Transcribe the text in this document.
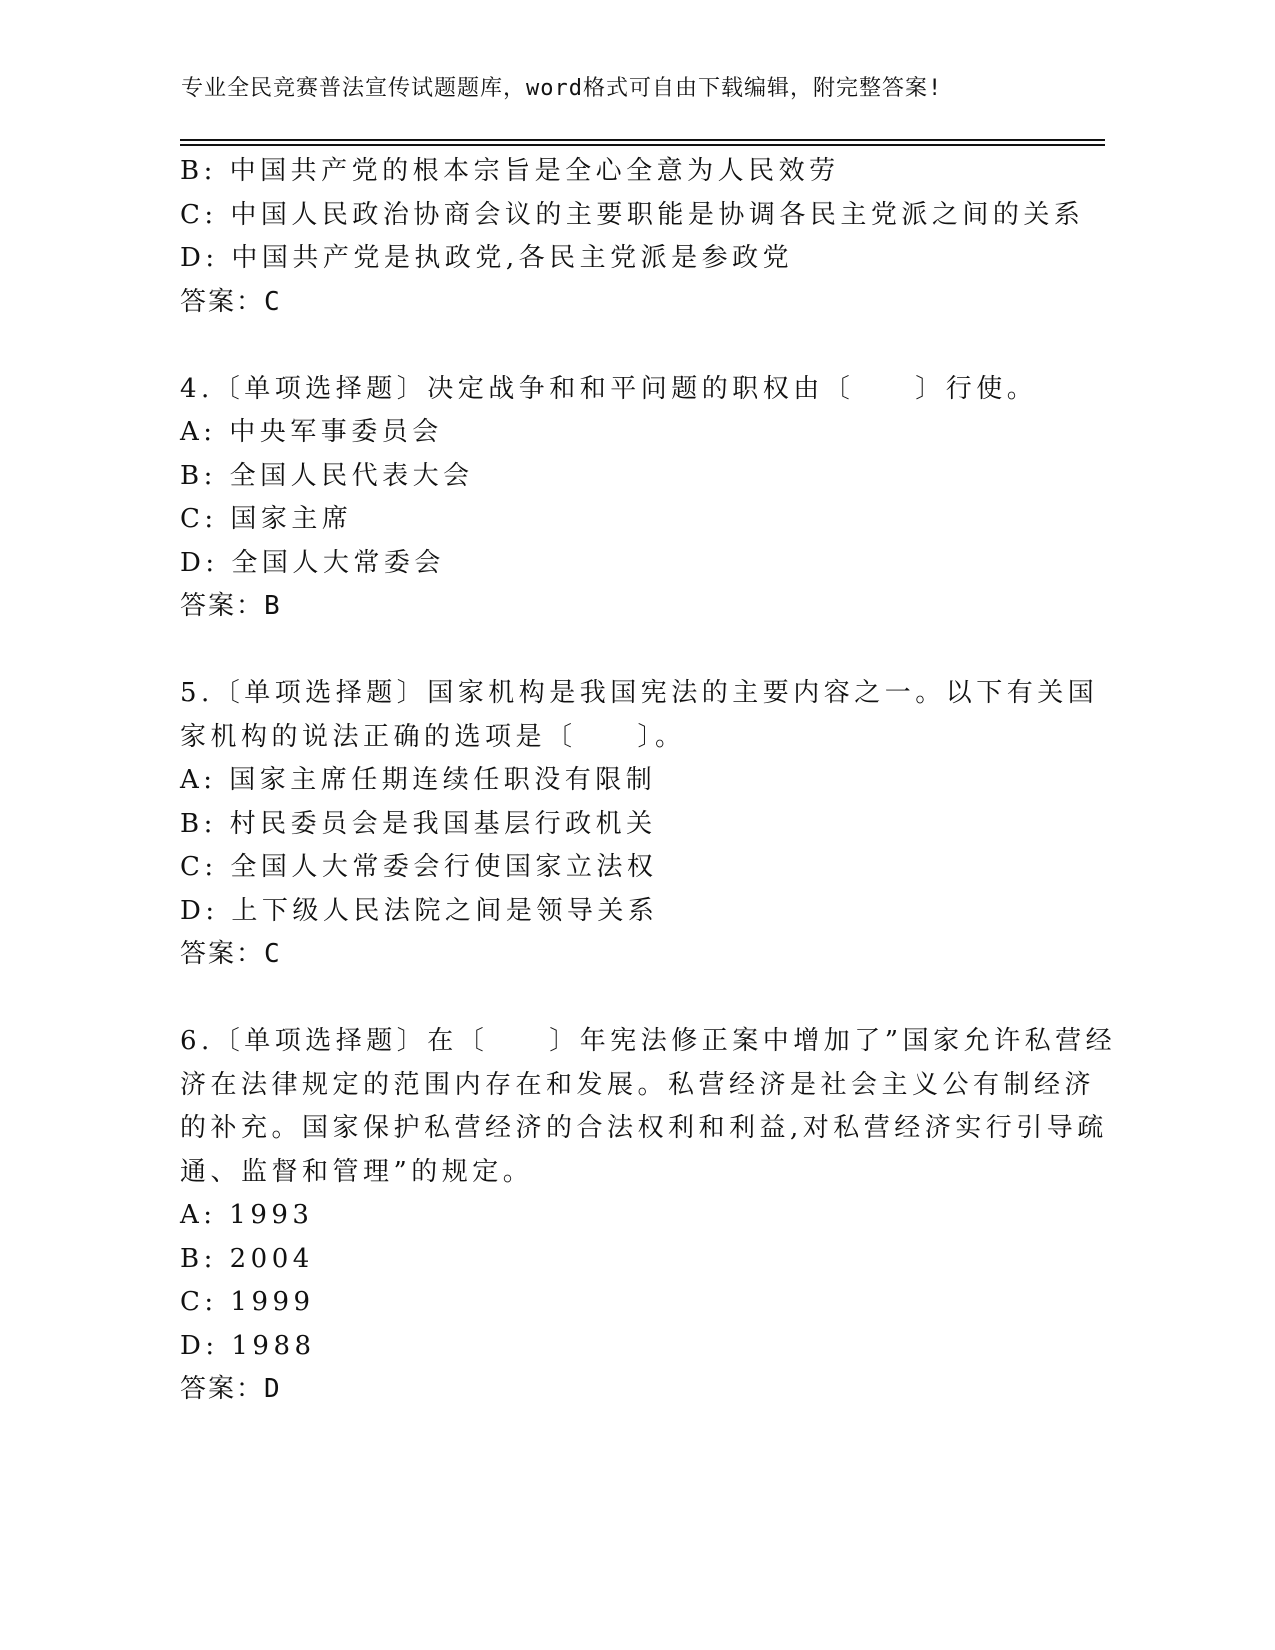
专业全民竞赛普法宣传试题题库，word格式可自由下载编辑，附完整答案!
B: 中国共产党的根本宗旨是全心全意为人民效劳
C: 中国人民政治协商会议的主要职能是协调各民主党派之间的关系
D: 中国共产党是执政党,各民主党派是参政党
答案：C
4.〔单项选择题〕决定战争和和平问题的职权由〔　　〕行使。
A: 中央军事委员会
B: 全国人民代表大会
C: 国家主席
D: 全国人大常委会
答案：B
5.〔单项选择题〕国家机构是我国宪法的主要内容之一。以下有关国
家机构的说法正确的选项是〔　　〕。
A: 国家主席任期连续任职没有限制
B: 村民委员会是我国基层行政机关
C: 全国人大常委会行使国家立法权
D: 上下级人民法院之间是领导关系
答案：C
6.〔单项选择题〕在〔　　〕年宪法修正案中增加了”国家允许私营经
济在法律规定的范围内存在和发展。私营经济是社会主义公有制经济
的补充。国家保护私营经济的合法权利和利益,对私营经济实行引导疏
通、监督和管理”的规定。
A: 1993
B: 2004
C: 1999
D: 1988
答案：D
